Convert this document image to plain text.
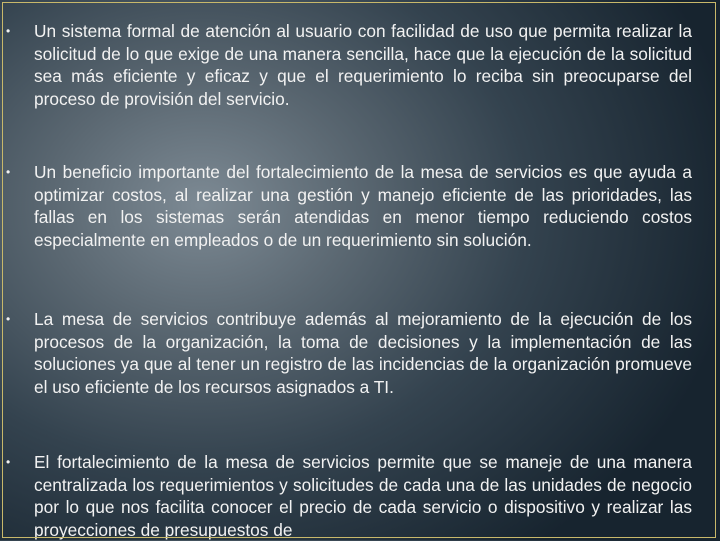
• Un sistema formal de atención al usuario con facilidad de uso que permita realizar la solicitud de lo que exige de una manera sencilla, hace que la ejecución de la solicitud sea más eficiente y eficaz y que el requerimiento lo reciba sin preocuparse del proceso de provisión del servicio.
• Un beneficio importante del fortalecimiento de la mesa de servicios es que ayuda a optimizar costos, al realizar una gestión y manejo eficiente de las prioridades, las fallas en los sistemas serán atendidas en menor tiempo reduciendo costos especialmente en empleados o de un requerimiento sin solución.
• La mesa de servicios contribuye además al mejoramiento de la ejecución de los procesos de la organización, la toma de decisiones y la implementación de las soluciones ya que al tener un registro de las incidencias de la organización promueve el uso eficiente de los recursos asignados a TI.
• El fortalecimiento de la mesa de servicios permite que se maneje de una manera centralizada los requerimientos y solicitudes de cada una de las unidades de negocio por lo que nos facilita conocer el precio de cada servicio o dispositivo y realizar las proyecciones de presupuestos de
